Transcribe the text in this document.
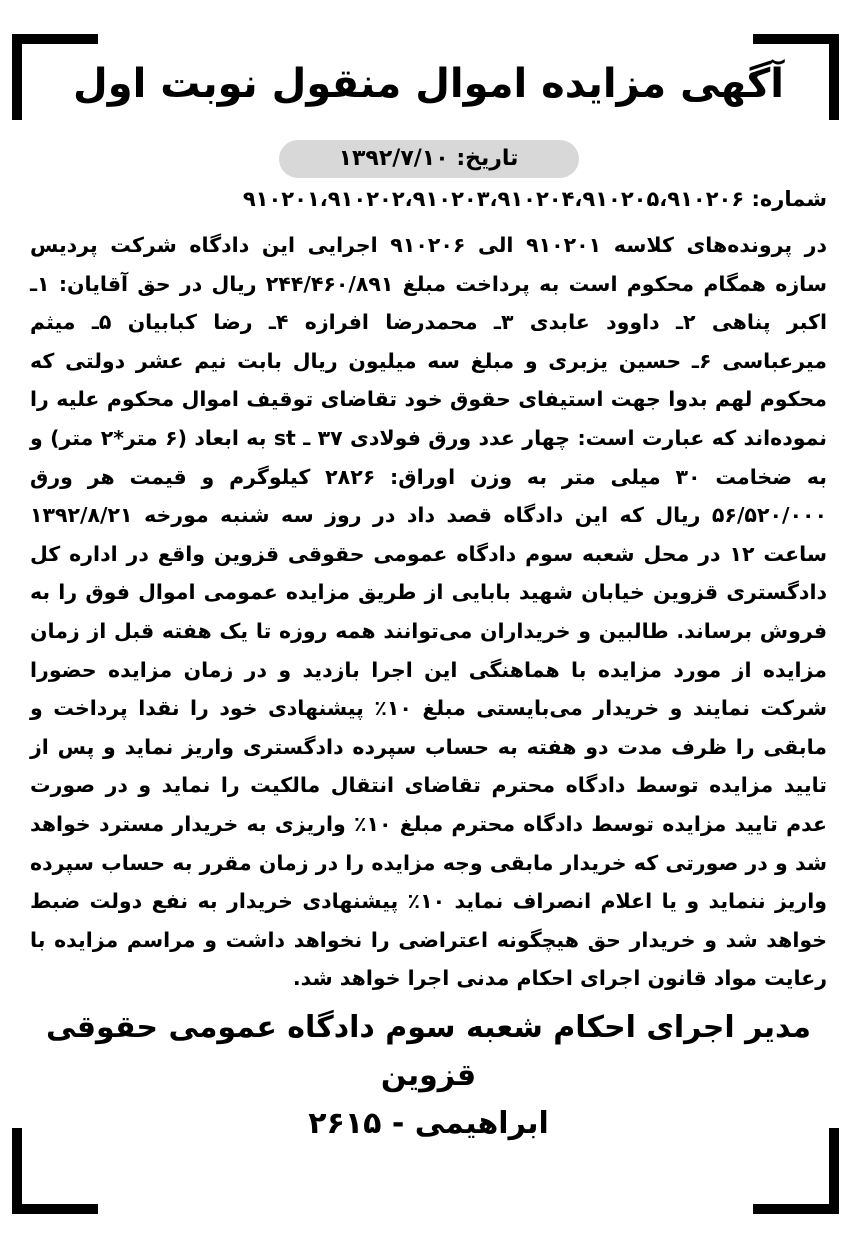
آگهی مزایده اموال منقول نوبت اول
تاریخ: ۱۳۹۲/۷/۱۰
شماره: ۹۱۰۲۰۱،۹۱۰۲۰۲،۹۱۰۲۰۳،۹۱۰۲۰۴،۹۱۰۲۰۵،۹۱۰۲۰۶

در پرونده‌های کلاسه ۹۱۰۲۰۱ الی ۹۱۰۲۰۶ اجرایی این دادگاه شرکت پردیس سازه همگام محکوم است به پرداخت مبلغ ۲۴۴/۴۶۰/۸۹۱ ریال در حق آقایان: ۱ـ اکبر پناهی ۲ـ داوود عابدی ۳ـ محمدرضا افرازه ۴ـ رضا کبابیان ۵ـ میثم میرعباسی ۶ـ حسین یزبری و مبلغ سه میلیون ریال بابت نیم عشر دولتی که محکوم لهم بدوا جهت استیفای حقوق خود تقاضای توقیف اموال محکوم علیه را نموده‌اند که عبارت است: چهار عدد ورق فولادی ۳۷ ـ st به ابعاد (۶ متر*۲ متر) و به ضخامت ۳۰ میلی متر به وزن اوراق: ۲۸۲۶ کیلوگرم و قیمت هر ورق ۵۶/۵۲۰/۰۰۰ ریال که این دادگاه قصد داد در روز سه شنبه مورخه ۱۳۹۲/۸/۲۱ ساعت ۱۲ در محل شعبه سوم دادگاه عمومی حقوقی قزوین واقع در اداره کل دادگستری قزوین خیابان شهید بابایی از طریق مزایده عمومی اموال فوق را به فروش برساند. طالبین و خریداران می‌توانند همه روزه تا یک هفته قبل از زمان مزایده از مورد مزایده با هماهنگی این اجرا بازدید و در زمان مزایده حضورا شرکت نمایند و خریدار می‌بایستی مبلغ ۱۰٪ پیشنهادی خود را نقدا پرداخت و مابقی را ظرف مدت دو هفته به حساب سپرده دادگستری واریز نماید و پس از تایید مزایده توسط دادگاه محترم تقاضای انتقال مالکیت را نماید و در صورت عدم تایید مزایده توسط دادگاه محترم مبلغ ۱۰٪ واریزی به خریدار مسترد خواهد شد و در صورتی که خریدار مابقی وجه مزایده را در زمان مقرر به حساب سپرده واریز ننماید و یا اعلام انصراف نماید ۱۰٪ پیشنهادی خریدار به نفع دولت ضبط خواهد شد و خریدار حق هیچگونه اعتراضی را نخواهد داشت و مراسم مزایده با رعایت مواد قانون اجرای احکام مدنی اجرا خواهد شد.

مدیر اجرای احکام شعبه سوم دادگاه عمومی حقوقی قزوین
ابراهیمی - ۲۶۱۵
